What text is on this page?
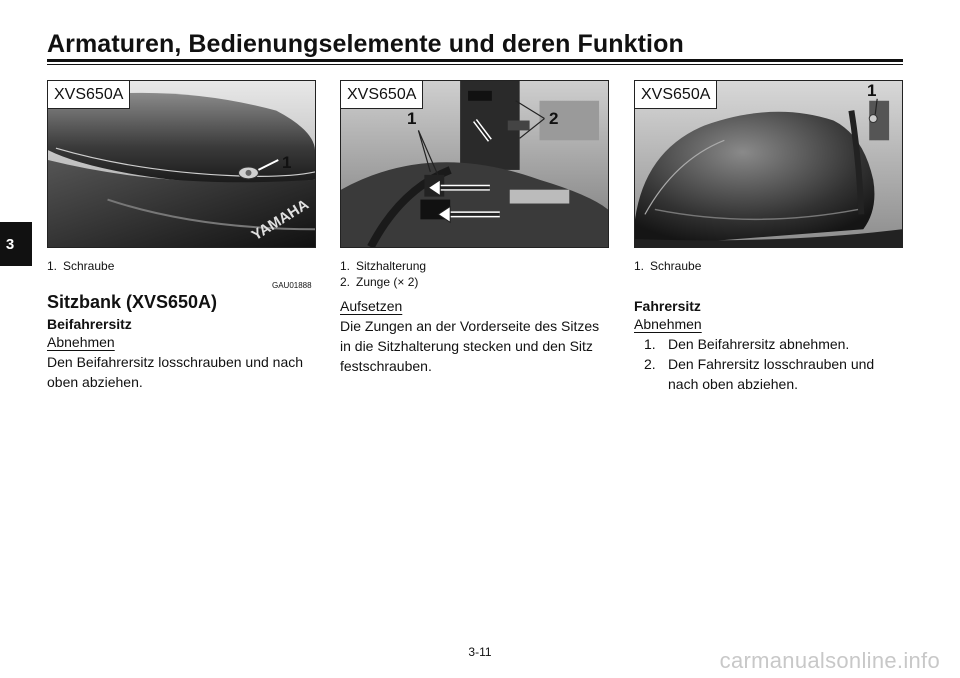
Armaturen, Bedienungselemente und deren Funktion
3	YAMAHA
XVS650A
1
XVS650A
1	2
XVS650A	1
1. Schraube	1. Sitzhalterung
2. Zunge (× 2)
1. Schraube
GAU01888
Sitzbank (XVS650A)
Beifahrersitz
Abnehmen
Den Beifahrersitz losschrauben und nach
oben abziehen.
Aufsetzen
Die Zungen an der Vorderseite des Sitzes
in die Sitzhalterung stecken und den Sitz
festschrauben.
Fahrersitz
Abnehmen
1. Den Beifahrersitz abnehmen.
2. Den Fahrersitz losschrauben und
nach oben abziehen.
3-11	carmanualsonline.info
